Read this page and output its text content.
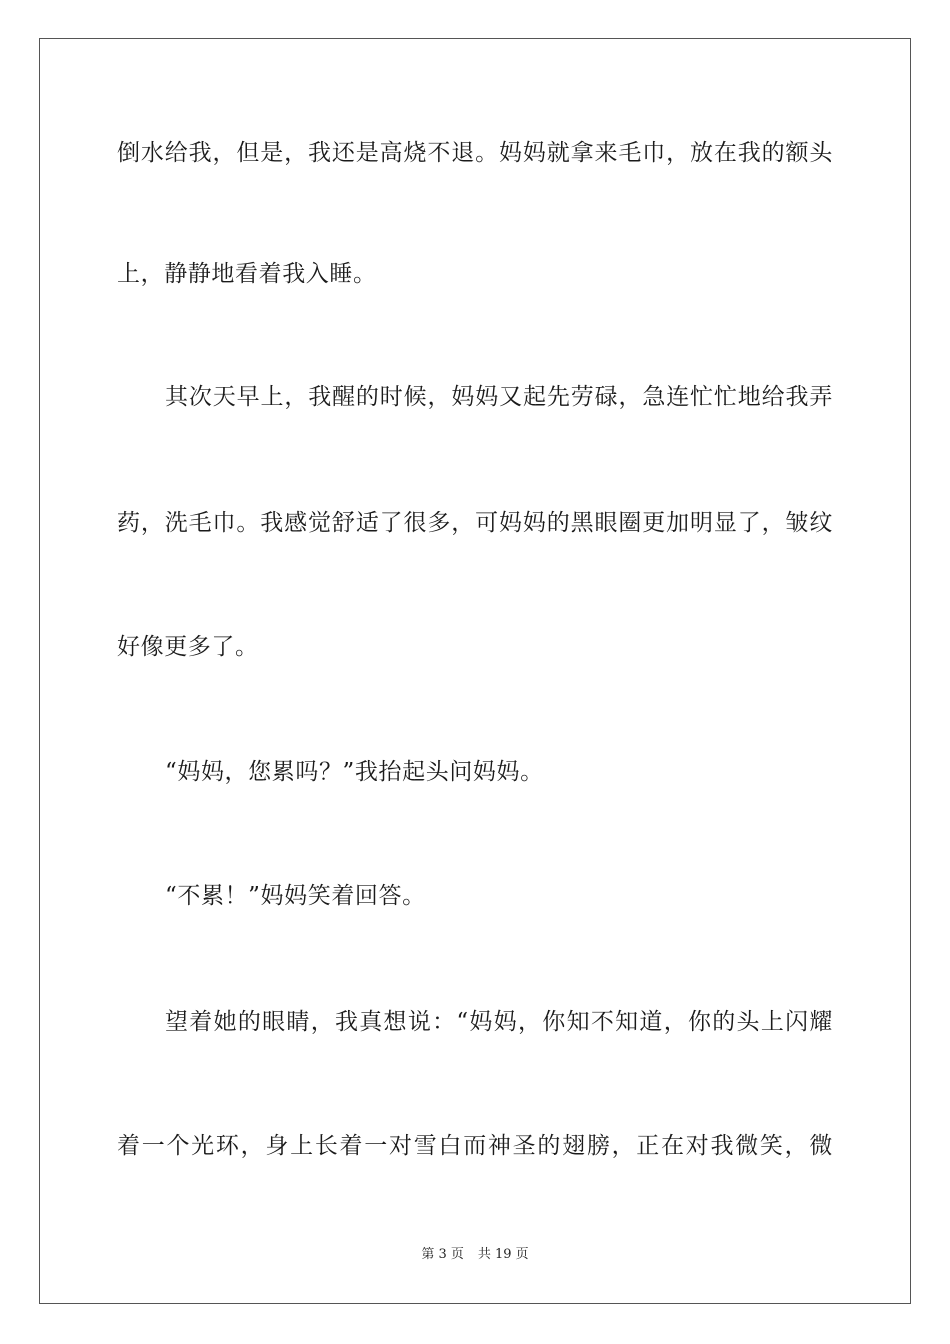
倒水给我，但是，我还是高烧不退。妈妈就拿来毛巾，放在我的额头
上，静静地看着我入睡。
其次天早上，我醒的时候，妈妈又起先劳碌，急连忙忙地给我弄
药，洗毛巾。我感觉舒适了很多，可妈妈的黑眼圈更加明显了，皱纹
好像更多了。
“妈妈，您累吗？”我抬起头问妈妈。
“不累！”妈妈笑着回答。
望着她的眼睛，我真想说：“妈妈，你知不知道，你的头上闪耀
着一个光环，身上长着一对雪白而神圣的翅膀，正在对我微笑，微
第 3 页 共 19 页
